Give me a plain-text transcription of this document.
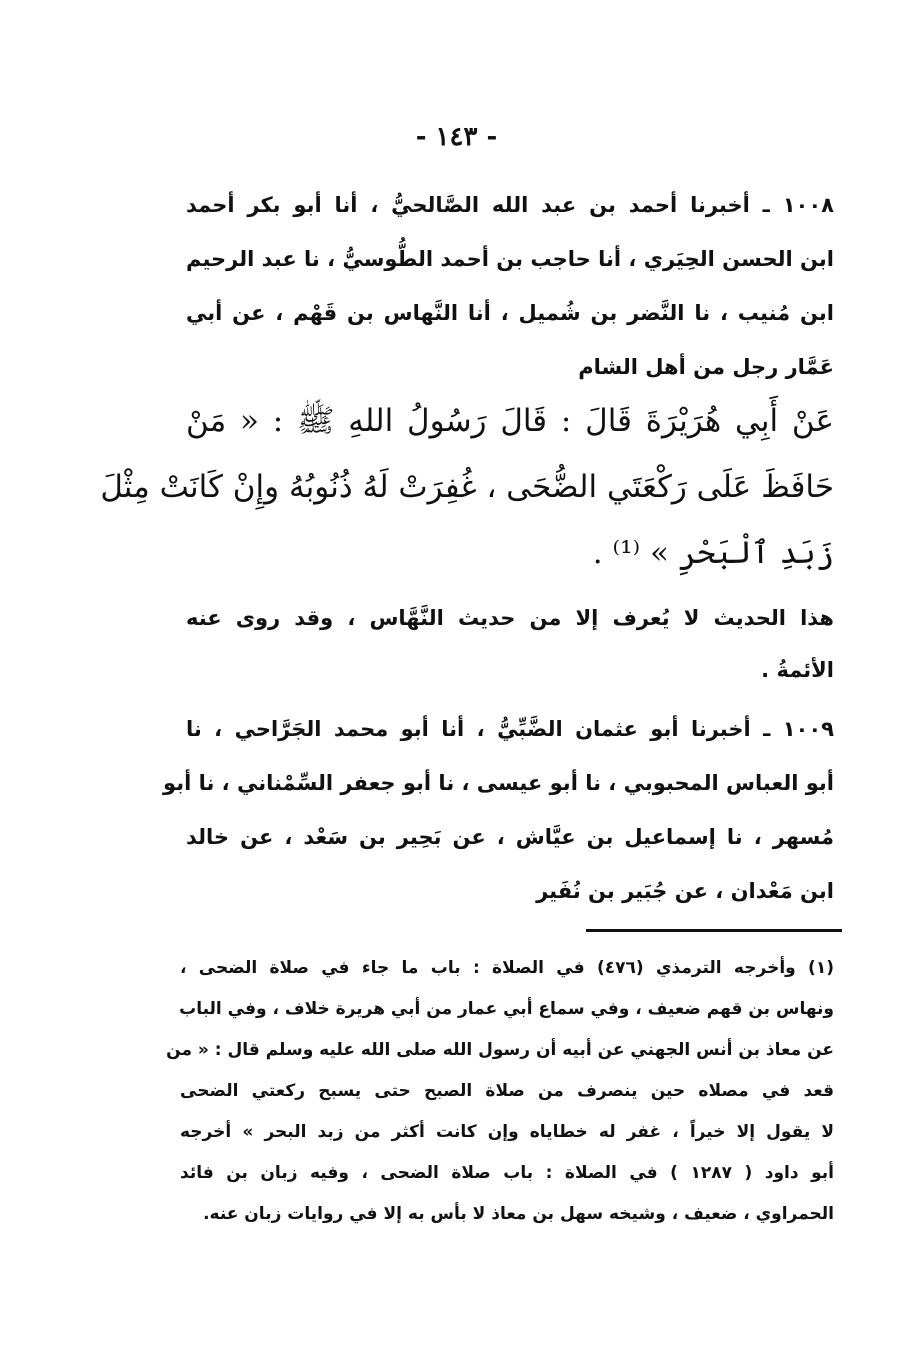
- ١٤٣ -
١٠٠٨ ـ أخبرنا أحمد بن عبد الله الصَّالحيُّ ، أنا أبو بكر أحمد
ابن الحسن الحِيَري ، أنا حاجب بن أحمد الطُّوسيُّ ، نا عبد الرحيم
ابن مُنيب ، نا النَّضر بن شُميل ، أنا النَّهاس بن قَهْم ، عن أبي
عَمَّار رجل من أهل الشام
عَنْ أَبِي هُرَيْرَةَ قَالَ : قَالَ رَسُولُ اللهِ ﷺ : « مَنْ
حَافَظَ عَلَى رَكْعَتَي الضُّحَى ، غُفِرَتْ لَهُ ذُنُوبُهُ وإِنْ كَانَتْ مِثْلَ
زَبَدِ ٱلْبَحْرِ » ⁽¹⁾ .
هذا الحديث لا يُعرف إلا من حديث النَّهَّاس ، وقد روى عنه
الأئمةُ .
١٠٠٩ ـ أخبرنا أبو عثمان الضَّبِّيُّ ، أنا أبو محمد الجَرَّاحي ، نا
أبو العباس المحبوبي ، نا أبو عيسى ، نا أبو جعفر السِّمْناني ، نا أبو
مُسهر ، نا إسماعيل بن عيَّاش ، عن بَحِير بن سَعْد ، عن خالد
ابن مَعْدان ، عن جُبَير بن نُفَير
(١) وأخرجه الترمذي (٤٧٦) في الصلاة : باب ما جاء في صلاة الضحى ،
ونهاس بن قهم ضعيف ، وفي سماع أبي عمار من أبي هريرة خلاف ، وفي الباب
عن معاذ بن أنس الجهني عن أبيه أن رسول الله صلى الله عليه وسلم قال : « من
قعد في مصلاه حين ينصرف من صلاة الصبح حتى يسبح ركعتي الضحى
لا يقول إلا خيراً ، غفر له خطاياه وإن كانت أكثر من زبد البحر » أخرجه
أبو داود ( ١٢٨٧ ) في الصلاة : باب صلاة الضحى ، وفيه زبان بن فائد
الحمراوي ، ضعيف ، وشيخه سهل بن معاذ لا بأس به إلا في روايات زبان عنه.
